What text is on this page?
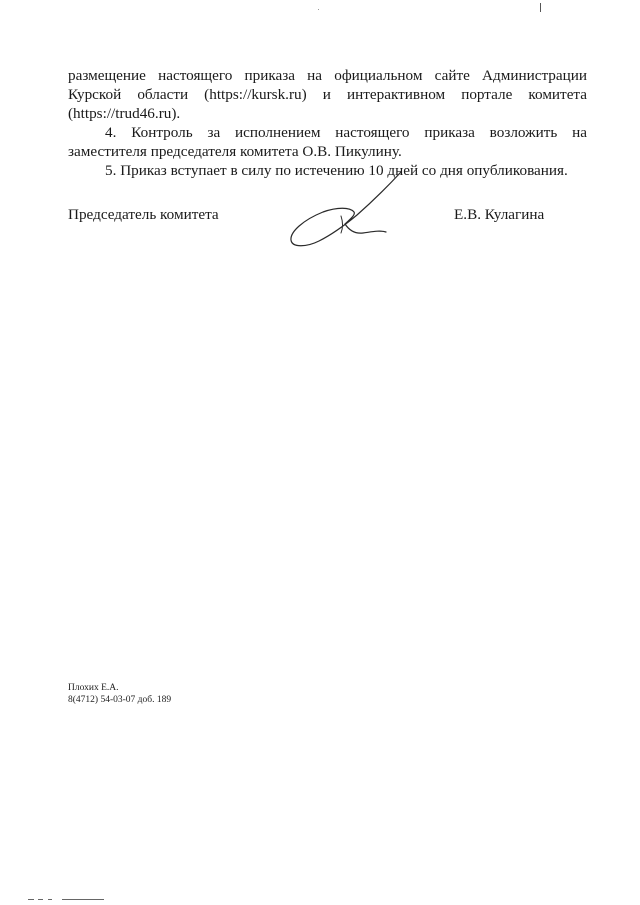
размещение настоящего приказа на официальном сайте Администрации Курской области (https://kursk.ru) и интерактивном портале комитета (https://trud46.ru).

4. Контроль за исполнением настоящего приказа возложить на заместителя председателя комитета О.В. Пикулину.

5. Приказ вступает в силу по истечению 10 дней со дня опубликования.

Председатель комитета	Е.В. Кулагина
Плохих Е.А.
8(4712) 54-03-07 доб. 189
